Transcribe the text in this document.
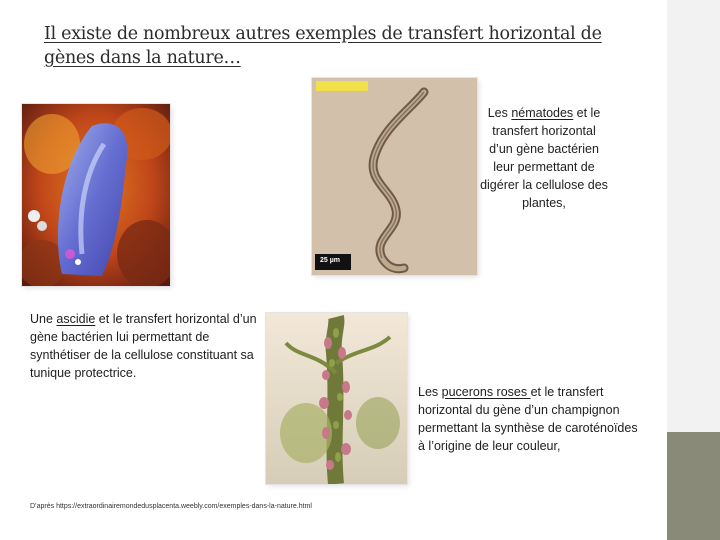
Il existe de nombreux autres exemples de transfert horizontal de gènes dans la nature…
25 µm
Les nématodes et le transfert horizontal d’un gène bactérien leur permettant de digérer la cellulose des plantes,
Une ascidie et le transfert horizontal d’un gène bactérien lui permettant de synthétiser de la cellulose constituant sa tunique protectrice.
Les pucerons roses et le transfert horizontal du gène d’un champignon permettant la synthèse de caroténoïdes à l’origine de leur couleur,
D’après https://extraordinairemondedusplacenta.weebly.com/exemples-dans-la-nature.html
